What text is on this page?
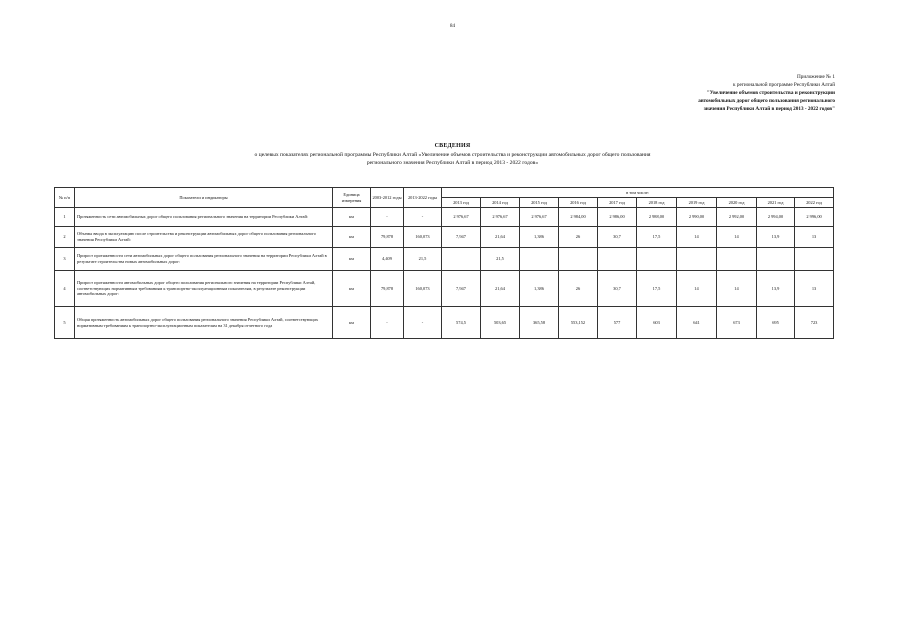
84
Приложение № 1
к региональной программе Республики Алтай
"Увеличение объемов строительства и реконструкции
автомобильных дорог общего пользования регионального
значения Республики Алтай в период 2013 - 2022 годов"
СВЕДЕНИЯ
о целевых показателях региональной программы Республики Алтай «Увеличение объемов строительства и реконструкции автомобильных дорог общего пользования
регионального значения Республики Алтай в период 2013 - 2022 годов»
№ п/п	Показатели и индикаторы	Единица измерения	2003-2012 годы	2013-2022 годы	в том числе:									
					2013 год	2014 год	2015 год	2016 год	2017 год	2018 год	2019 год	2020 год	2021 год	2022 год
1	Протяженность сети автомобильных дорог общего пользования регионального значения на территории Республики Алтай:	км	-	-	2 976,67	2 976,67	2 976,67	2 984,00	2 986,00	2 988,00	2 990,00	2 992,00	2 994,00	2 996,00
2	Объемы ввода в эксплуатацию после строительства и реконструкции автомобильных дорог общего пользования регионального значения Республики Алтай:	км	79,878	160,073	7,947	21,64	1,386	26	30,7	17,5	14	14	13,9	13
3	Прирост протяженности сети автомобильных дорог общего пользования регионального значения на территории Республики Алтай в результате строительства новых автомобильных дорог:	км	4,409	21,5		21,5								
4	Прирост протяженности автомобильных дорог общего пользования регионального значения на территории Республики Алтай, соответствующих нормативным требованиям к транспортно-эксплуатационным показателям, в результате реконструкции автомобильных дорог:	км	79,878	160,073	7,947	21,64	1,386	26	30,7	17,5	14	14	13,9	13
5	Общая протяженность автомобильных дорог общего пользования регионального значения Республики Алтай, соответствующих нормативным требованиям к транспортно-эксплуатационным показателям на 31 декабря отчетного года	км	-	-	574,5	503,65	365,58	553,152	577	603	641	673	695	723
